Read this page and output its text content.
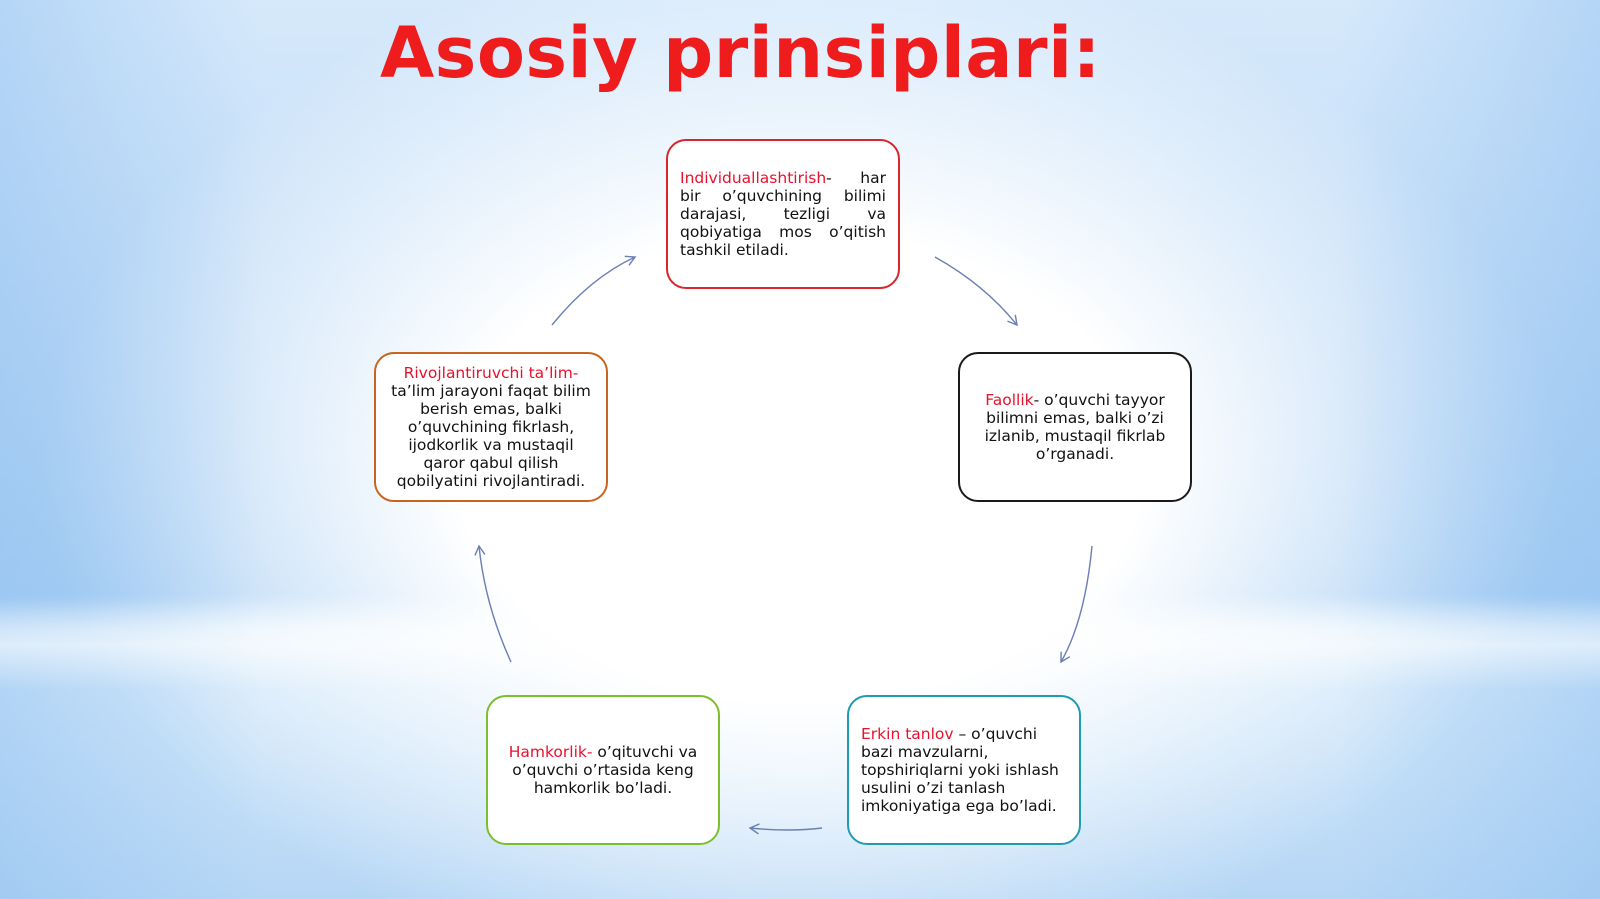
Asosiy prinsiplari:

Individuallashtirish- har bir o’quvchining bilimi darajasi, tezligi va qobiyatiga mos o’qitish tashkil etiladi.

Faollik- o’quvchi tayyor bilimni emas, balki o’zi izlanib, mustaqil fikrlab o’rganadi.

Erkin tanlov – o’quvchi bazi mavzularni, topshiriqlarni yoki ishlash usulini o’zi tanlash imkoniyatiga ega bo’ladi.

Hamkorlik- o’qituvchi va o’quvchi o’rtasida keng hamkorlik bo’ladi.

Rivojlantiruvchi ta’lim- ta’lim jarayoni faqat bilim berish emas, balki o’quvchining fikrlash, ijodkorlik va mustaqil qaror qabul qilish qobilyatini rivojlantiradi.
